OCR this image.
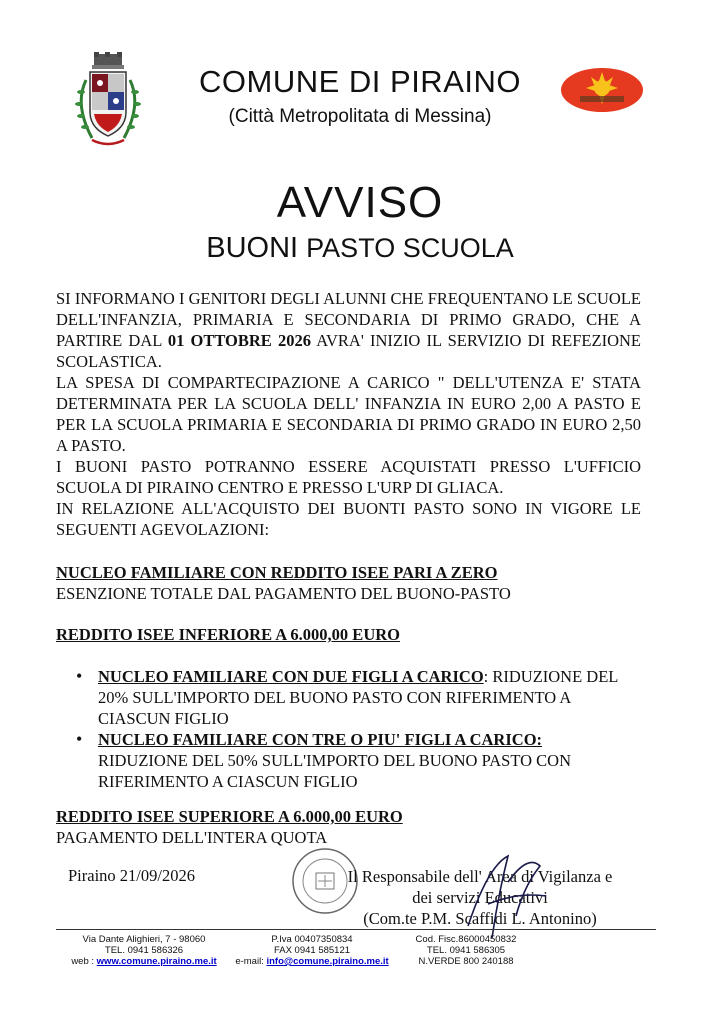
COMUNE DI PIRAINO
(Città Metropolitata di Messina)
AVVISO
BUONI PASTO SCUOLA

SI INFORMANO I GENITORI DEGLI ALUNNI CHE FREQUENTANO LE SCUOLE DELL'INFANZIA, PRIMARIA E SECONDARIA DI PRIMO GRADO, CHE A PARTIRE DAL 01 OTTOBRE 2026 AVRA' INIZIO IL SERVIZIO DI REFEZIONE SCOLASTICA.

LA SPESA DI COMPARTECIPAZIONE A CARICO " DELL'UTENZA E' STATA DETERMINATA PER LA SCUOLA DELL' INFANZIA IN EURO 2,00 A PASTO E PER LA SCUOLA PRIMARIA E SECONDARIA DI PRIMO GRADO IN EURO 2,50 A PASTO.

I BUONI PASTO POTRANNO ESSERE ACQUISTATI PRESSO L'UFFICIO SCUOLA DI PIRAINO CENTRO E PRESSO L'URP DI GLIACA.

IN RELAZIONE ALL'ACQUISTO DEI BUONTI PASTO SONO IN VIGORE LE SEGUENTI AGEVOLAZIONI:

NUCLEO FAMILIARE CON REDDITO ISEE PARI A ZERO
ESENZIONE TOTALE DAL PAGAMENTO DEL BUONO-PASTO
REDDITO ISEE INFERIORE A 6.000,00 EURO
• NUCLEO FAMILIARE CON DUE FIGLI A CARICO: RIDUZIONE DEL 20% SULL'IMPORTO DEL BUONO PASTO CON RIFERIMENTO A CIASCUN FIGLIO
• NUCLEO FAMILIARE CON TRE O PIU' FIGLI A CARICO:
RIDUZIONE DEL 50% SULL'IMPORTO DEL BUONO PASTO CON RIFERIMENTO A CIASCUN FIGLIO
REDDITO ISEE SUPERIORE A 6.000,00 EURO
PAGAMENTO DELL'INTERA QUOTA
Piraino 21/09/2026	Il Responsabile dell' Area di Vigilanza e
dei servizi Educativi
(Com.te P.M. Scaffidi L. Antonino)
Via Dante Alighieri, 7 - 98060
TEL. 0941 586326
web : www.comune.piraino.me.it
P.Iva 00407350834
FAX 0941 585121
e-mail: info@comune.piraino.me.it
Cod. Fisc.86000450832
TEL. 0941 586305
N.VERDE 800 240188
